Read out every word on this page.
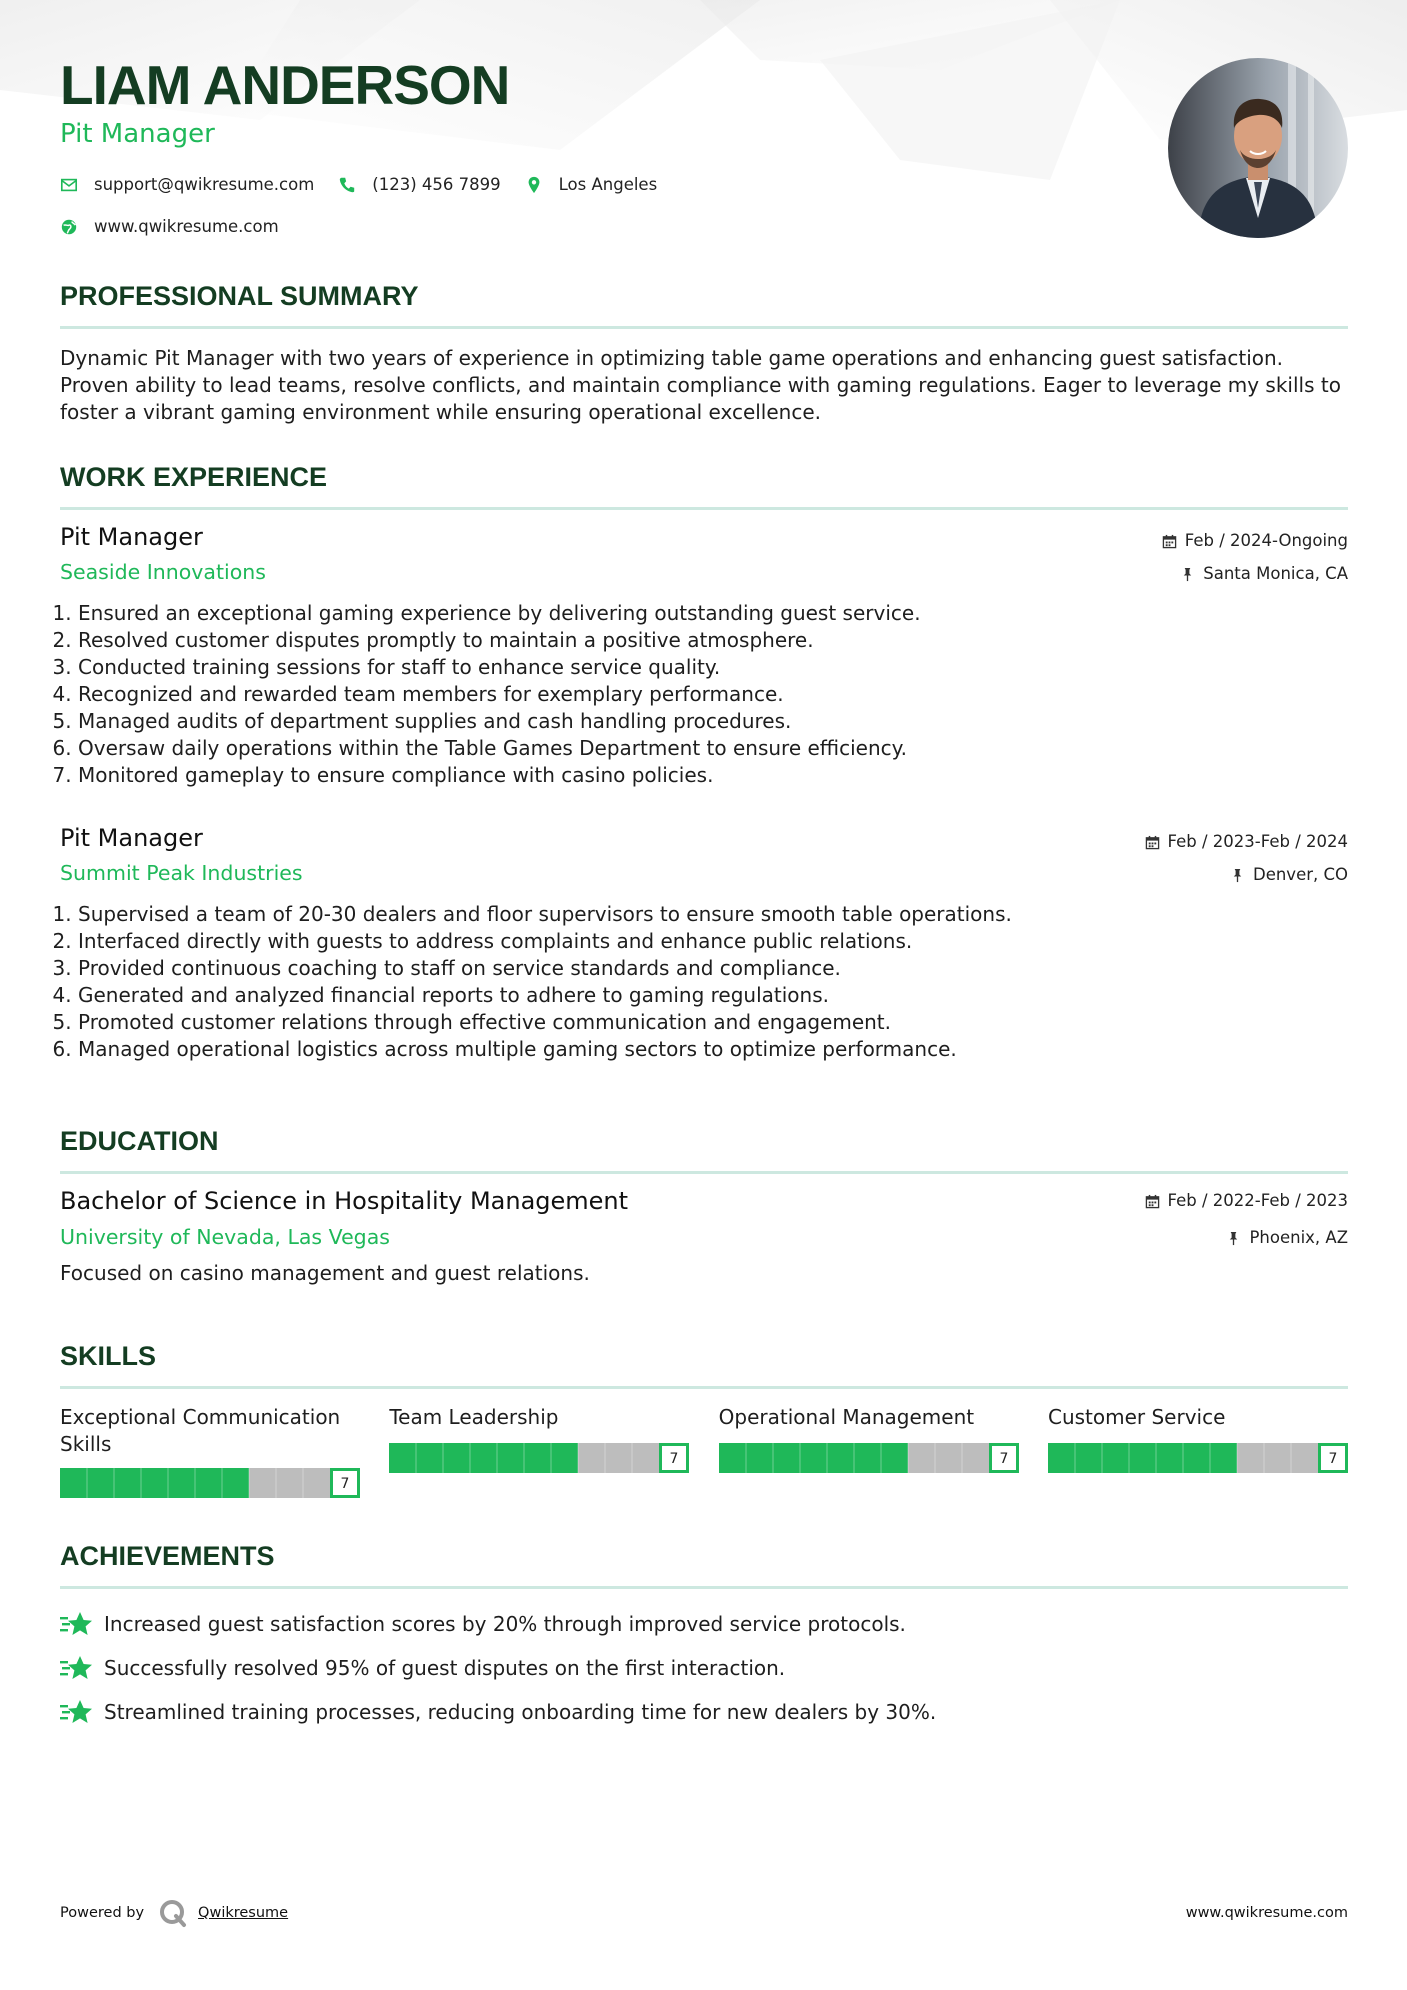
LIAM ANDERSON
Pit Manager
support@qwikresume.com	(123) 456 7899	Los Angeles
www.qwikresume.com
PROFESSIONAL SUMMARY

Dynamic Pit Manager with two years of experience in optimizing table game operations and enhancing guest satisfaction. Proven ability to lead teams, resolve conflicts, and maintain compliance with gaming regulations. Eager to leverage my skills to foster a vibrant gaming environment while ensuring operational excellence.

WORK EXPERIENCE
Pit Manager
Seaside Innovations
Feb / 2024-Ongoing
Santa Monica, CA
1. Ensured an exceptional gaming experience by delivering outstanding guest service.
2. Resolved customer disputes promptly to maintain a positive atmosphere.
3. Conducted training sessions for staff to enhance service quality.
4. Recognized and rewarded team members for exemplary performance.
5. Managed audits of department supplies and cash handling procedures.
6. Oversaw daily operations within the Table Games Department to ensure efficiency.
7. Monitored gameplay to ensure compliance with casino policies.
Pit Manager
Summit Peak Industries
Feb / 2023-Feb / 2024
Denver, CO
1. Supervised a team of 20-30 dealers and floor supervisors to ensure smooth table operations.
2. Interfaced directly with guests to address complaints and enhance public relations.
3. Provided continuous coaching to staff on service standards and compliance.
4. Generated and analyzed financial reports to adhere to gaming regulations.
5. Promoted customer relations through effective communication and engagement.
6. Managed operational logistics across multiple gaming sectors to optimize performance.
EDUCATION
Bachelor of Science in Hospitality Management
University of Nevada, Las Vegas
Feb / 2022-Feb / 2023
Phoenix, AZ

Focused on casino management and guest relations.

SKILLS
Exceptional Communication Skills
7
Team Leadership
7
Operational Management
7
Customer Service
7
ACHIEVEMENTS
Increased guest satisfaction scores by 20% through improved service protocols.
Successfully resolved 95% of guest disputes on the first interaction.
Streamlined training processes, reducing onboarding time for new dealers by 30%.
Powered by	Qwikresume	www.qwikresume.com
